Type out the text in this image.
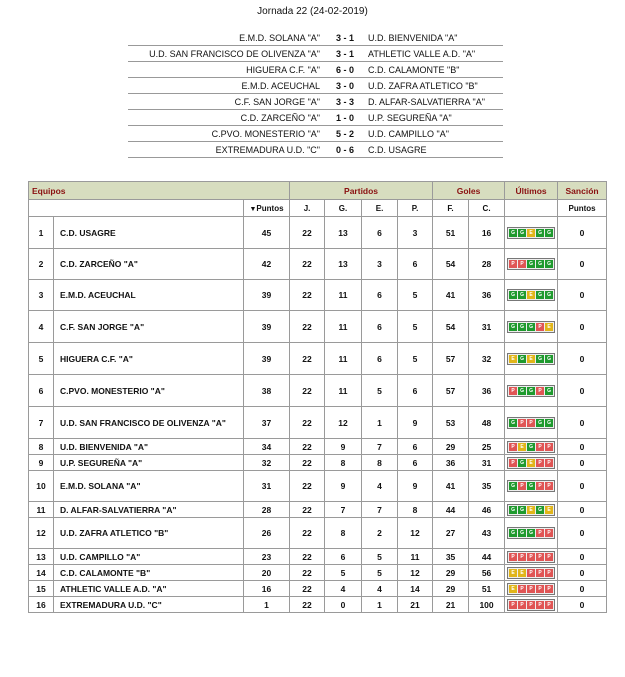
Jornada 22 (24-02-2019)
E.M.D. SOLANA "A"	3 - 1	U.D. BIENVENIDA "A"
U.D. SAN FRANCISCO DE OLIVENZA "A"	3 - 1	ATHLETIC VALLE A.D. "A"
HIGUERA C.F. "A"	6 - 0	C.D. CALAMONTE "B"
E.M.D. ACEUCHAL	3 - 0	U.D. ZAFRA ATLETICO "B"
C.F. SAN JORGE "A"	3 - 3	D. ALFAR-SALVATIERRA "A"
C.D. ZARCEÑO "A"	1 - 0	U.P. SEGUREÑA "A"
C.PVO. MONESTERIO "A"	5 - 2	U.D. CAMPILLO "A"
EXTREMADURA U.D. "C"	0 - 6	C.D. USAGRE
Equipos			Partidos				Goles		Últimos	Sanción
		▼Puntos	J.	G.	E.	P.	F.	C.		Puntos
1	C.D. USAGRE	45	22	13	6	3	51	16	G G E G G	0
2	C.D. ZARCEÑO "A"	42	22	13	3	6	54	28	P P G G G	0
3	E.M.D. ACEUCHAL	39	22	11	6	5	41	36	G G E G G	0
4	C.F. SAN JORGE "A"	39	22	11	6	5	54	31	G G G P E	0
5	HIGUERA C.F. "A"	39	22	11	6	5	57	32	E G E G G	0
6	C.PVO. MONESTERIO "A"	38	22	11	5	6	57	36	P G G P G	0
7	U.D. SAN FRANCISCO DE OLIVENZA "A"	37	22	12	1	9	53	48	G P P G G	0
8	U.D. BIENVENIDA "A"	34	22	9	7	6	29	25	P E G P P	0
9	U.P. SEGUREÑA "A"	32	22	8	8	6	36	31	P G E P P	0
10	E.M.D. SOLANA "A"	31	22	9	4	9	41	35	G P G P P	0
11	D. ALFAR-SALVATIERRA "A"	28	22	7	7	8	44	46	G G E G E	0
12	U.D. ZAFRA ATLETICO "B"	26	22	8	2	12	27	43	G G G P P	0
13	U.D. CAMPILLO "A"	23	22	6	5	11	35	44	P P P P P	0
14	C.D. CALAMONTE "B"	20	22	5	5	12	29	56	E E P P P	0
15	ATHLETIC VALLE A.D. "A"	16	22	4	4	14	29	51	E P P P P	0
16	EXTREMADURA U.D. "C"	1	22	0	1	21	21	100	P P P P P	0
